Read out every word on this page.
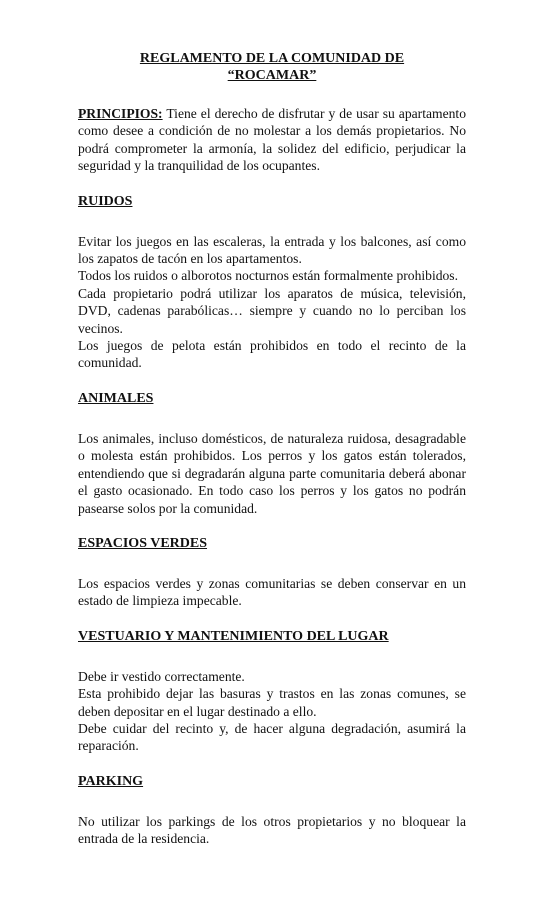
REGLAMENTO DE LA COMUNIDAD DE
“ROCAMAR”

PRINCIPIOS: Tiene el derecho de disfrutar y de usar su apartamento como desee a condición de no molestar a los demás propietarios. No podrá comprometer la armonía, la solidez del edificio, perjudicar la seguridad y la tranquilidad de los ocupantes.

RUIDOS

Evitar los juegos en las escaleras, la entrada y los balcones, así como los zapatos de tacón en los apartamentos.

Todos los ruidos o alborotos nocturnos están formalmente prohibidos.

Cada propietario podrá utilizar los aparatos de música, televisión, DVD, cadenas parabólicas… siempre y cuando no lo perciban los vecinos.

Los juegos de pelota están prohibidos en todo el recinto de la comunidad.

ANIMALES

Los animales, incluso domésticos, de naturaleza ruidosa, desagradable o molesta están prohibidos. Los perros y los gatos están tolerados, entendiendo que si degradarán alguna parte comunitaria deberá abonar el gasto ocasionado. En todo caso los perros y los gatos no podrán pasearse solos por la comunidad.

ESPACIOS VERDES

Los espacios verdes y zonas comunitarias se deben conservar en un estado de limpieza impecable.

VESTUARIO Y MANTENIMIENTO DEL LUGAR

Debe ir vestido correctamente.

Esta prohibido dejar las basuras y trastos en las zonas comunes, se deben depositar en el lugar destinado a ello.

Debe cuidar del recinto y, de hacer alguna degradación, asumirá la reparación.

PARKING

No utilizar los parkings de los otros propietarios y no bloquear la entrada de la residencia.
